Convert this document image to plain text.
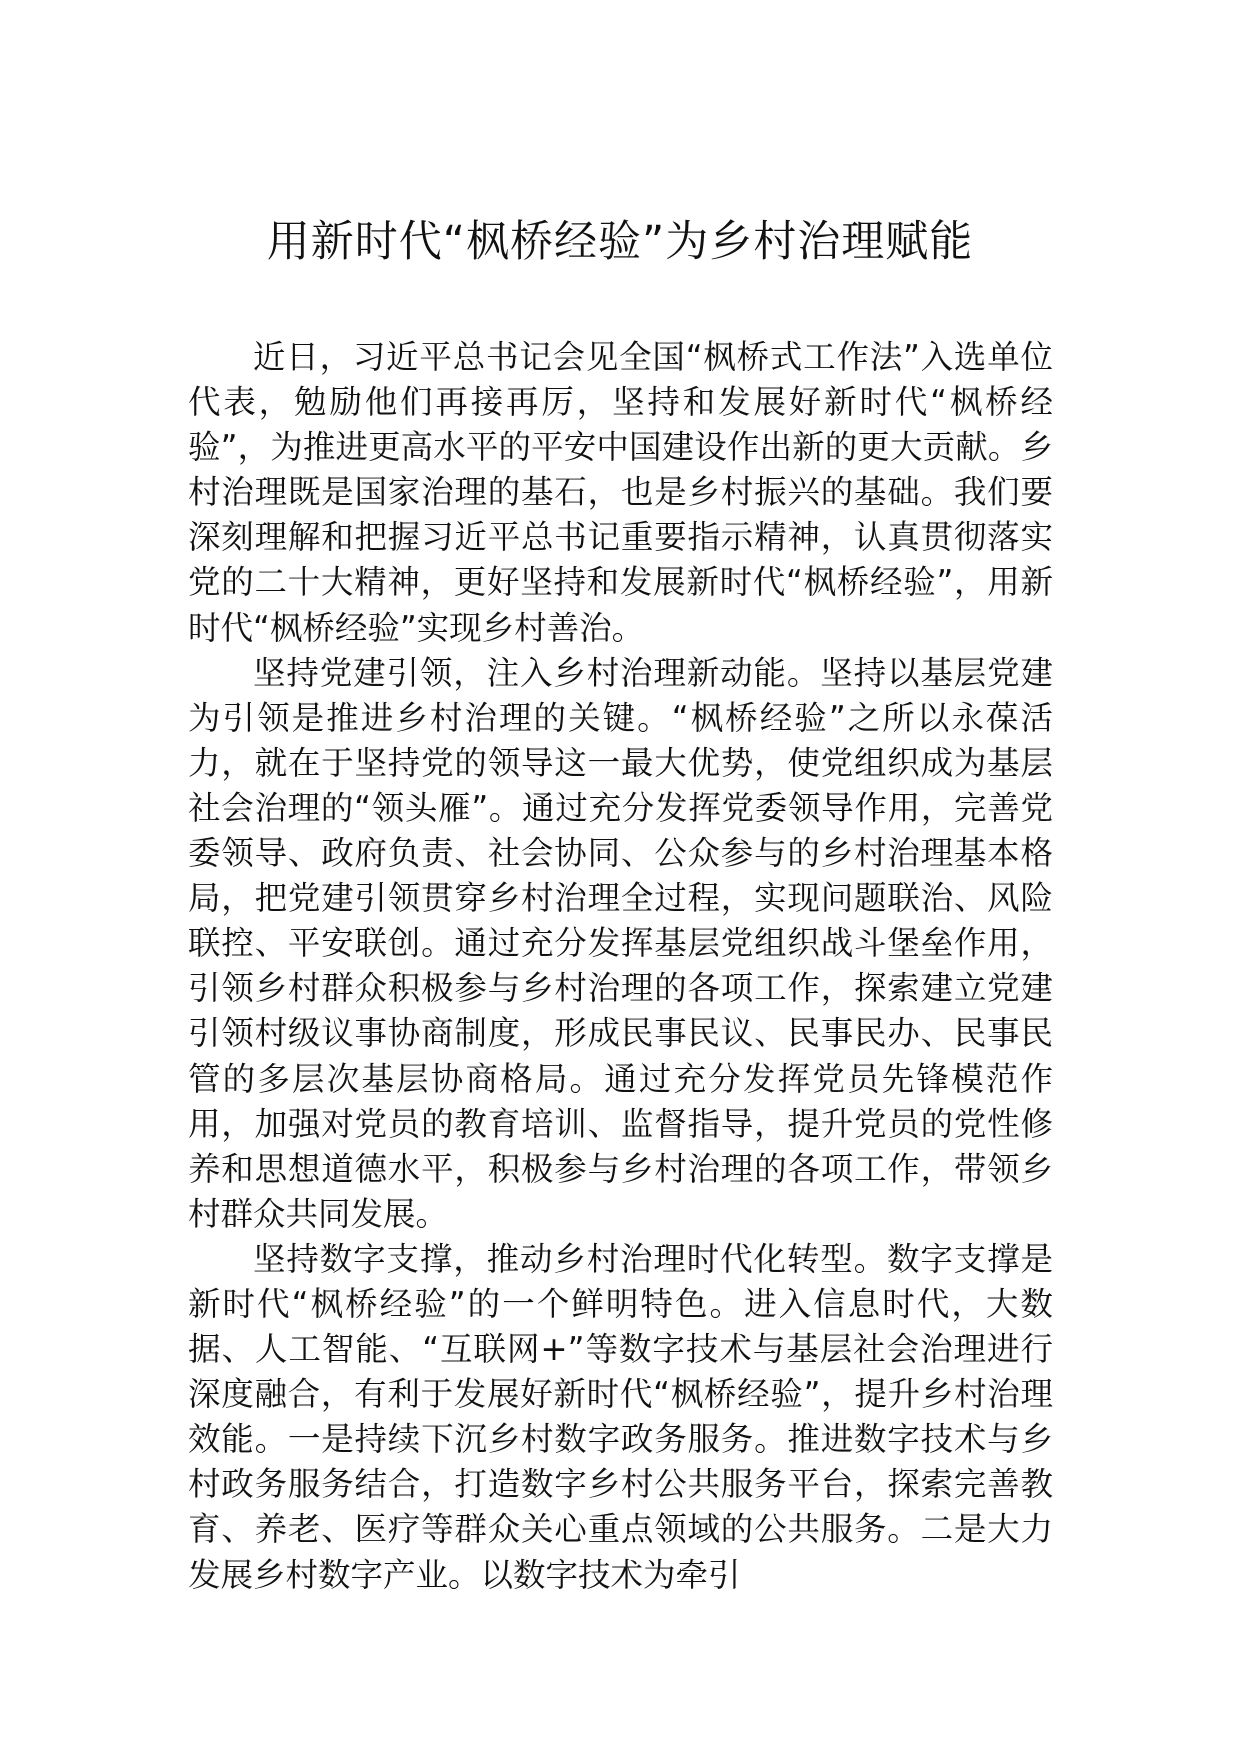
用新时代“枫桥经验”为乡村治理赋能

近日，习近平总书记会见全国“枫桥式工作法”入选单位代表，勉励他们再接再厉，坚持和发展好新时代“枫桥经验”，为推进更高水平的平安中国建设作出新的更大贡献。乡村治理既是国家治理的基石，也是乡村振兴的基础。我们要深刻理解和把握习近平总书记重要指示精神，认真贯彻落实党的二十大精神，更好坚持和发展新时代“枫桥经验”，用新时代“枫桥经验”实现乡村善治。

坚持党建引领，注入乡村治理新动能。坚持以基层党建为引领是推进乡村治理的关键。“枫桥经验”之所以永葆活力，就在于坚持党的领导这一最大优势，使党组织成为基层社会治理的“领头雁”。通过充分发挥党委领导作用，完善党委领导、政府负责、社会协同、公众参与的乡村治理基本格局，把党建引领贯穿乡村治理全过程，实现问题联治、风险联控、平安联创。通过充分发挥基层党组织战斗堡垒作用，引领乡村群众积极参与乡村治理的各项工作，探索建立党建引领村级议事协商制度，形成民事民议、民事民办、民事民管的多层次基层协商格局。通过充分发挥党员先锋模范作用，加强对党员的教育培训、监督指导，提升党员的党性修养和思想道德水平，积极参与乡村治理的各项工作，带领乡村群众共同发展。

坚持数字支撑，推动乡村治理时代化转型。数字支撑是新时代“枫桥经验”的一个鲜明特色。进入信息时代，大数据、人工智能、“互联网+”等数字技术与基层社会治理进行深度融合，有利于发展好新时代“枫桥经验”，提升乡村治理效能。一是持续下沉乡村数字政务服务。推进数字技术与乡村政务服务结合，打造数字乡村公共服务平台，探索完善教育、养老、医疗等群众关心重点领域的公共服务。二是大力发展乡村数字产业。以数字技术为牵引
